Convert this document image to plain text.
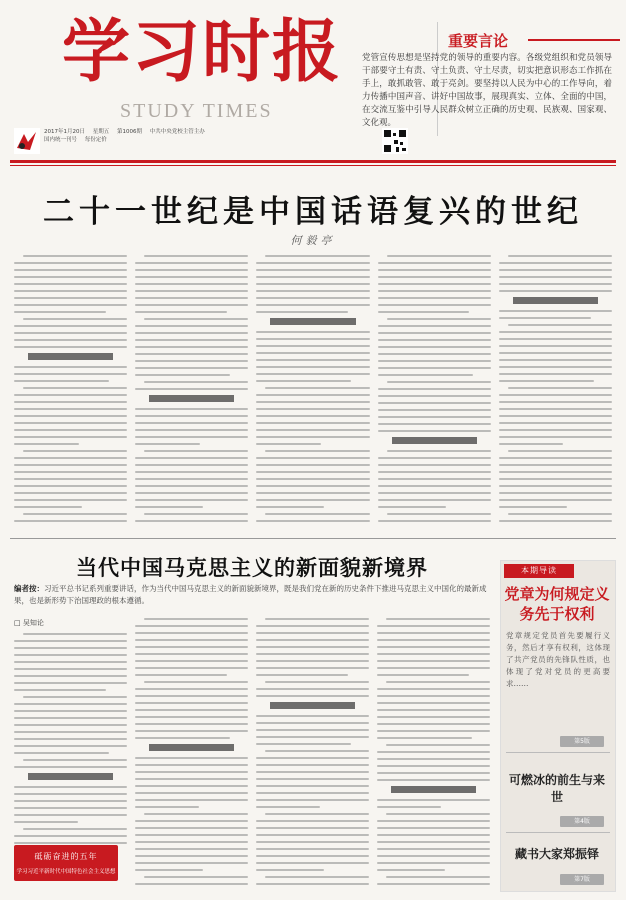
学习时报
STUDY TIMES
重要言论
党管宣传思想是坚持党的领导的重要内容。各级党组织和党员领导干部要守土有责、守土负责、守土尽责，切实把意识形态工作抓在手上，敢抓敢管、敢于亮剑。要坚持以人民为中心的工作导向，着力传播中国声音、讲好中国故事，展现真实、立体、全面的中国，在交流互鉴中引导人民群众树立正确的历史观、民族观、国家观、文化观。
2017年1月20日 星期五 第1006期 中共中央党校主管主办
国内统一刊号 每份定价
二十一世纪是中国话语复兴的世纪
何毅亭
当代中国马克思主义的新面貌新境界
编者按：习近平总书记系列重要讲话，作为当代中国马克思主义的新面貌新境界，既是我们党在新的历史条件下推进马克思主义中国化的最新成果，也是新形势下治国理政的根本遵循。
□ 吴知论
砥砺奋进的五年
学习习近平新时代中国特色社会主义思想
本期导读
党章为何规定义务先于权利
党章规定党员首先要履行义务，然后才享有权利，这体现了共产党员的先锋队性质，也体现了党对党员的更高要求……
第5版
可燃冰的前生与来世
第4版
藏书大家郑振铎
第7版
